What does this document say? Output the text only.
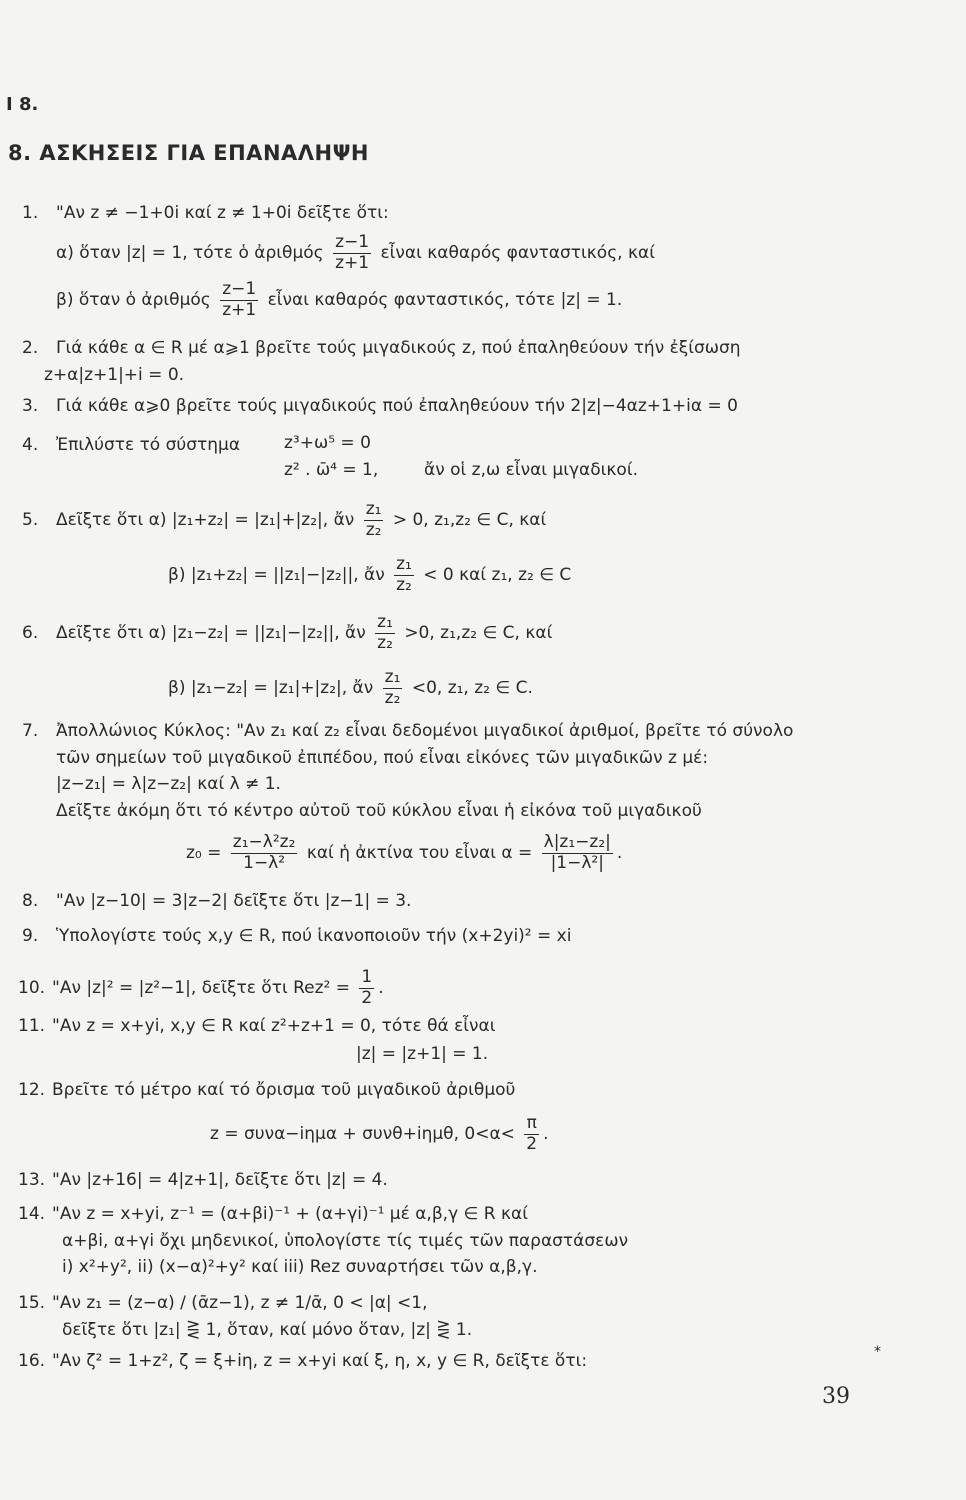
Ι 8.
8. ΑΣΚΗΣΕΙΣ ΓΙΑ ΕΠΑΝΑΛΗΨΗ
1. "Αν z ≠ −1+0i καί z ≠ 1+0i δεῖξτε ὅτι:
α) ὅταν |z| = 1, τότε ὁ ἀριθμός $\frac{z-1}{z+1}$ εἶναι καθαρός φανταστικός, καί
β) ὅταν ὁ ἀριθμός $\frac{z-1}{z+1}$ εἶναι καθαρός φανταστικός, τότε |z| = 1.
2. Γιά κάθε α ∈ R μέ α⩾1 βρεῖτε τούς μιγαδικούς z, πού ἐπαληθεύουν τήν ἐξίσωση
z+α|z+1|+i = 0.
3. Γιά κάθε α⩾0 βρεῖτε τούς μιγαδικούς πού ἐπαληθεύουν τήν 2|z|−4αz+1+iα = 0
4. Ἐπιλύστε τό σύστημα	z³+ω⁵ = 0
z² . ω̄⁴ = 1,	ἄν οἱ z,ω εἶναι μιγαδικοί.
5. Δεῖξτε ὅτι α) |z₁+z₂| = |z₁|+|z₂|, ἄν $\frac{\text{z₁}}{\text{z₂}} > 0$, z₁,z₂ ∈ C, καί
β) |z₁+z₂| = ||z₁|−|z₂||, ἄν $\frac{\text{z₁}}{\text{z₂}} < 0$ καί z₁, z₂ ∈ C
6. Δεῖξτε ὅτι α) |z₁−z₂| = ||z₁|−|z₂||, ἄν $\frac{\text{z₁}}{\text{z₂}} >0$, z₁,z₂ ∈ C, καί
β) |z₁−z₂| = |z₁|+|z₂|, ἄν $\frac{\text{z₁}}{\text{z₂}} <0$, z₁, z₂ ∈ C.
7. Ἀπολλώνιος Κύκλος: "Αν z₁ καί z₂ εἶναι δεδομένοι μιγαδικοί ἀριθμοί, βρεῖτε τό σύνολο
τῶν σημείων τοῦ μιγαδικοῦ ἐπιπέδου, πού εἶναι εἰκόνες τῶν μιγαδικῶν z μέ:
|z−z₁| = λ|z−z₂| καί λ ≠ 1.
Δεῖξτε ἀκόμη ὅτι τό κέντρο αὐτοῦ τοῦ κύκλου εἶναι ἡ εἰκόνα τοῦ μιγαδικοῦ
$z_0 = \frac{\text{z₁−λ²z₂}}{\text{1−λ²}}$ καί ἡ ἀκτίνα του εἶναι $\alpha = \frac{\text{λ|z₁−z₂|}}{\text{|1−λ²|}}$ .
8. "Αν |z−10| = 3|z−2| δεῖξτε ὅτι |z−1| = 3.
9. Ὑπολογίστε τούς x,y ∈ R, πού ἱκανοποιοῦν τήν (x+2yi)² = xi
10. "Αν |z|² = |z²−1|, δεῖξτε ὅτι $Rez^2 = \frac{1}{2}$ .
11. "Αν z = x+yi, x,y ∈ R καί z²+z+1 = 0, τότε θά εἶναι
|z| = |z+1| = 1.
12. Βρεῖτε τό μέτρο καί τό ὄρισμα τοῦ μιγαδικοῦ ἀριθμοῦ
z = συνα−iημα + συνθ+iημθ, $0<\alpha< \frac{\pi}{2}$ .
13. "Αν |z+16| = 4|z+1|, δεῖξτε ὅτι |z| = 4.
14. "Αν z = x+yi, z⁻¹ = (α+βi)⁻¹ + (α+γi)⁻¹ μέ α,β,γ ∈ R καί
α+βi, α+γi ὄχι μηδενικοί, ὑπολογίστε τίς τιμές τῶν παραστάσεων
i) x²+y², ii) (x−α)²+y² καί iii) Rez συναρτήσει τῶν α,β,γ.
15. "Αν z₁ = (z−α) / (ᾱz−1), z ≠ 1/ᾱ, 0 < |α| <1,
δεῖξτε ὅτι |z₁| ⋛ 1, ὅταν, καί μόνο ὅταν, |z| ⋛ 1.
16. "Αν ζ² = 1+z², ζ = ξ+iη, z = x+yi καί ξ, η, x, y ∈ R, δεῖξτε ὅτι:	*
39
